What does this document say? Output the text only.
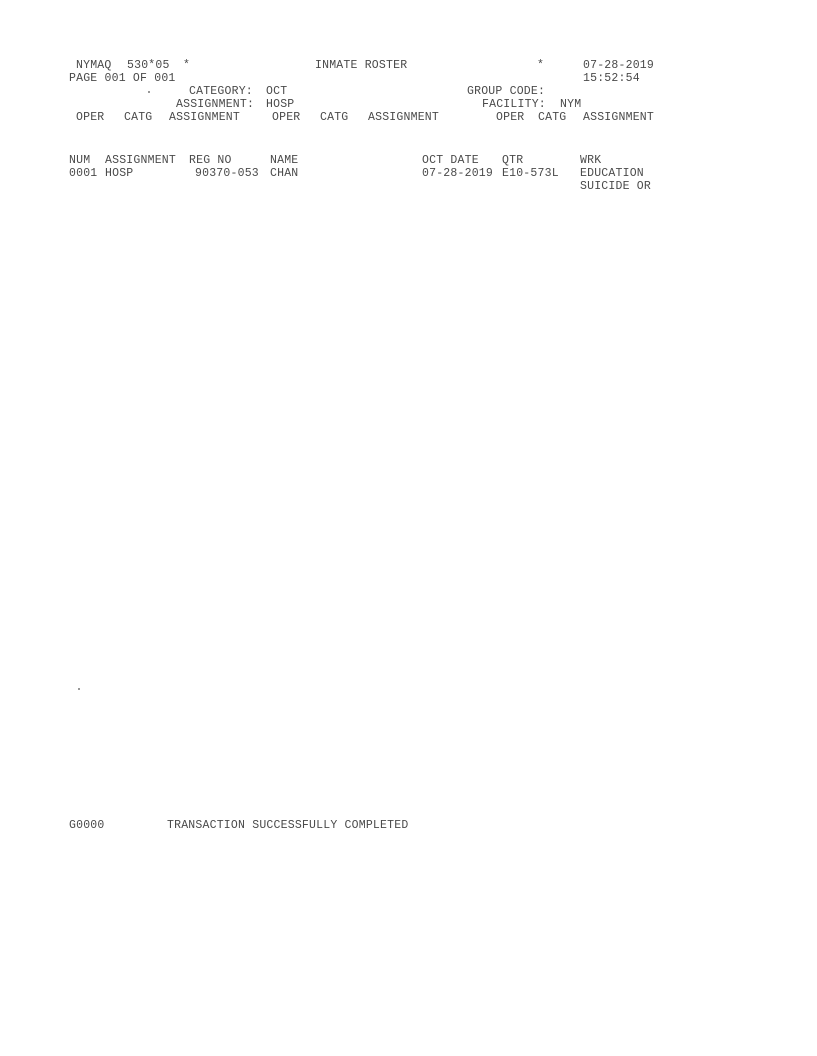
NYMAQ 530*05 *	INMATE ROSTER	*	07-28-2019
PAGE 001 OF 001	15:52:54
CATEGORY: OCT	GROUP CODE:
ASSIGNMENT: HOSP	FACILITY: NYM
OPER CATG ASSIGNMENT	OPER CATG ASSIGNMENT	OPER CATG ASSIGNMENT
NUM ASSIGNMENT REG NO	NAME	OCT DATE QTR	WRK
0001 HOSP	90370-053 CHAN	07-28-2019 E10-573L EDUCATION
SUICIDE OR
G0000	TRANSACTION SUCCESSFULLY COMPLETED
